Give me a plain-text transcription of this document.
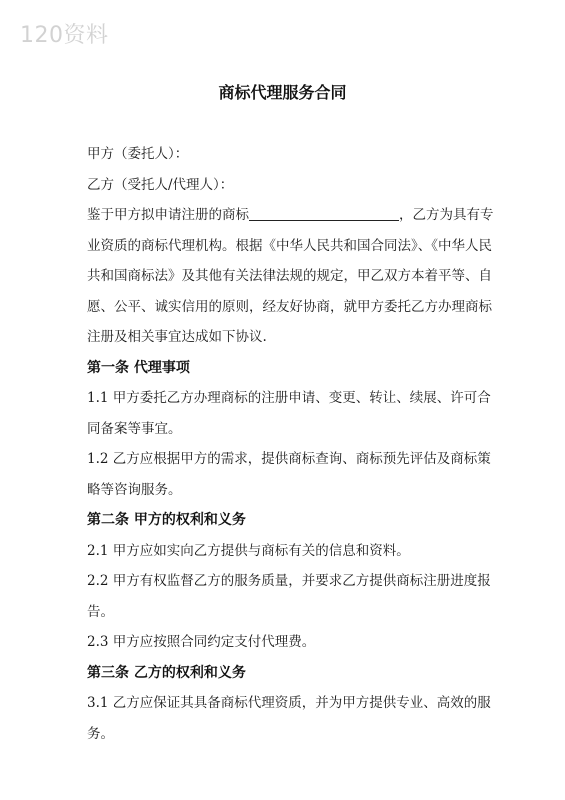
120资料
商标代理服务合同

甲方（委托人）：

乙方（受托人/代理人）：

鉴于甲方拟申请注册的商标	，乙方为具有专业资质的商标代理机构。根据《中华人民共和国合同法》、《中华人民共和国商标法》及其他有关法律法规的规定，甲乙双方本着平等、自愿、公平、诚实信用的原则，经友好协商，就甲方委托乙方办理商标注册及相关事宜达成如下协议.

第一条 代理事项

1.1 甲方委托乙方办理商标的注册申请、变更、转让、续展、许可合同备案等事宜。

1.2 乙方应根据甲方的需求，提供商标查询、商标预先评估及商标策略等咨询服务。

第二条 甲方的权利和义务

2.1 甲方应如实向乙方提供与商标有关的信息和资料。

2.2 甲方有权监督乙方的服务质量，并要求乙方提供商标注册进度报告。

2.3 甲方应按照合同约定支付代理费。

第三条 乙方的权利和义务

3.1 乙方应保证其具备商标代理资质，并为甲方提供专业、高效的服务。
